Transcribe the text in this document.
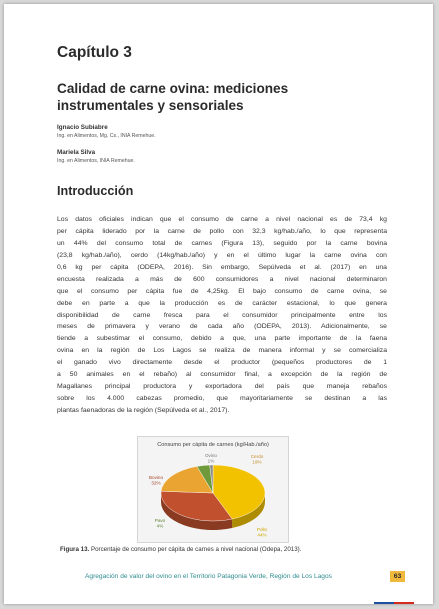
Capítulo 3
Calidad de carne ovina: mediciones
instrumentales y sensoriales
Ignacio Subiabre
Ing. en Alimentos, Mg. Cs., INIA Remehue.
Mariela Silva
Ing. en Alimentos, INIA Remehue.
Introducción
Los datos oficiales indican que el consumo de carne a nivel nacional es de 73,4 kg
per cápita liderado por la carne de pollo con 32,3 kg/hab./año, lo que representa
un 44% del consumo total de carnes (Figura 13), seguido por la carne bovina
(23,8 kg/hab./año), cerdo (14kg/hab./año) y en el último lugar la carne ovina con
0,6 kg per cápita (ODEPA, 2016). Sin embargo, Sepúlveda et al. (2017) en una
encuesta realizada a más de 600 consumidores a nivel nacional determinaron
que el consumo per cápita fue de 4,25kg. El bajo consumo de carne ovina, se
debe en parte a que la producción es de carácter estacional, lo que genera
disponibilidad de carne fresca para el consumidor principalmente entre los
meses de primavera y verano de cada año (ODEPA, 2013). Adicionalmente, se
tiende a subestimar el consumo, debido a que, una parte importante de la faena
ovina en la región de Los Lagos se realiza de manera informal y se comercializa
el ganado vivo directamente desde el productor (pequeños productores de 1
a 50 animales en el rebaño) al consumidor final, a excepción de la región de
Magallanes principal productora y exportadora del país que maneja rebaños
sobre los 4.000 cabezas promedio, que mayoritariamente se destinan a las
plantas faenadoras de la región (Sepúlveda et al., 2017).
Consumo per cápita de carnes (kg/Hab./año)
Pollo
44%
Bovino
32%
Cerdo
19%
Pavo
4%
Ovino
1%
Figura 13. Porcentaje de consumo per cápita de carnes a nivel nacional (Odepa, 2013).
Agregación de valor del ovino en el Territorio Patagonia Verde, Región de Los Lagos	63
